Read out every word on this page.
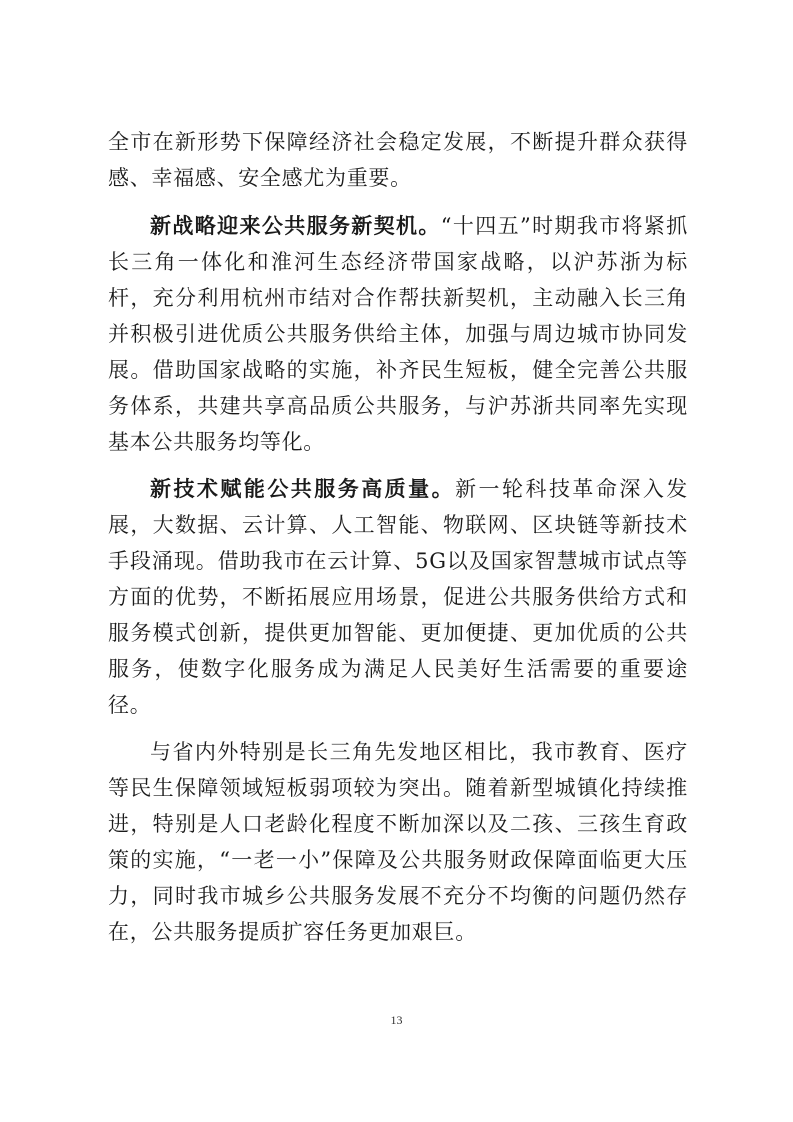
全市在新形势下保障经济社会稳定发展，不断提升群众获得感、幸福感、安全感尤为重要。

新战略迎来公共服务新契机。“十四五”时期我市将紧抓长三角一体化和淮河生态经济带国家战略，以沪苏浙为标杆，充分利用杭州市结对合作帮扶新契机，主动融入长三角并积极引进优质公共服务供给主体，加强与周边城市协同发展。借助国家战略的实施，补齐民生短板，健全完善公共服务体系，共建共享高品质公共服务，与沪苏浙共同率先实现基本公共服务均等化。

新技术赋能公共服务高质量。新一轮科技革命深入发展，大数据、云计算、人工智能、物联网、区块链等新技术手段涌现。借助我市在云计算、5G以及国家智慧城市试点等方面的优势，不断拓展应用场景，促进公共服务供给方式和服务模式创新，提供更加智能、更加便捷、更加优质的公共服务，使数字化服务成为满足人民美好生活需要的重要途径。

与省内外特别是长三角先发地区相比，我市教育、医疗等民生保障领域短板弱项较为突出。随着新型城镇化持续推进，特别是人口老龄化程度不断加深以及二孩、三孩生育政策的实施，“一老一小”保障及公共服务财政保障面临更大压力，同时我市城乡公共服务发展不充分不均衡的问题仍然存在，公共服务提质扩容任务更加艰巨。

13
